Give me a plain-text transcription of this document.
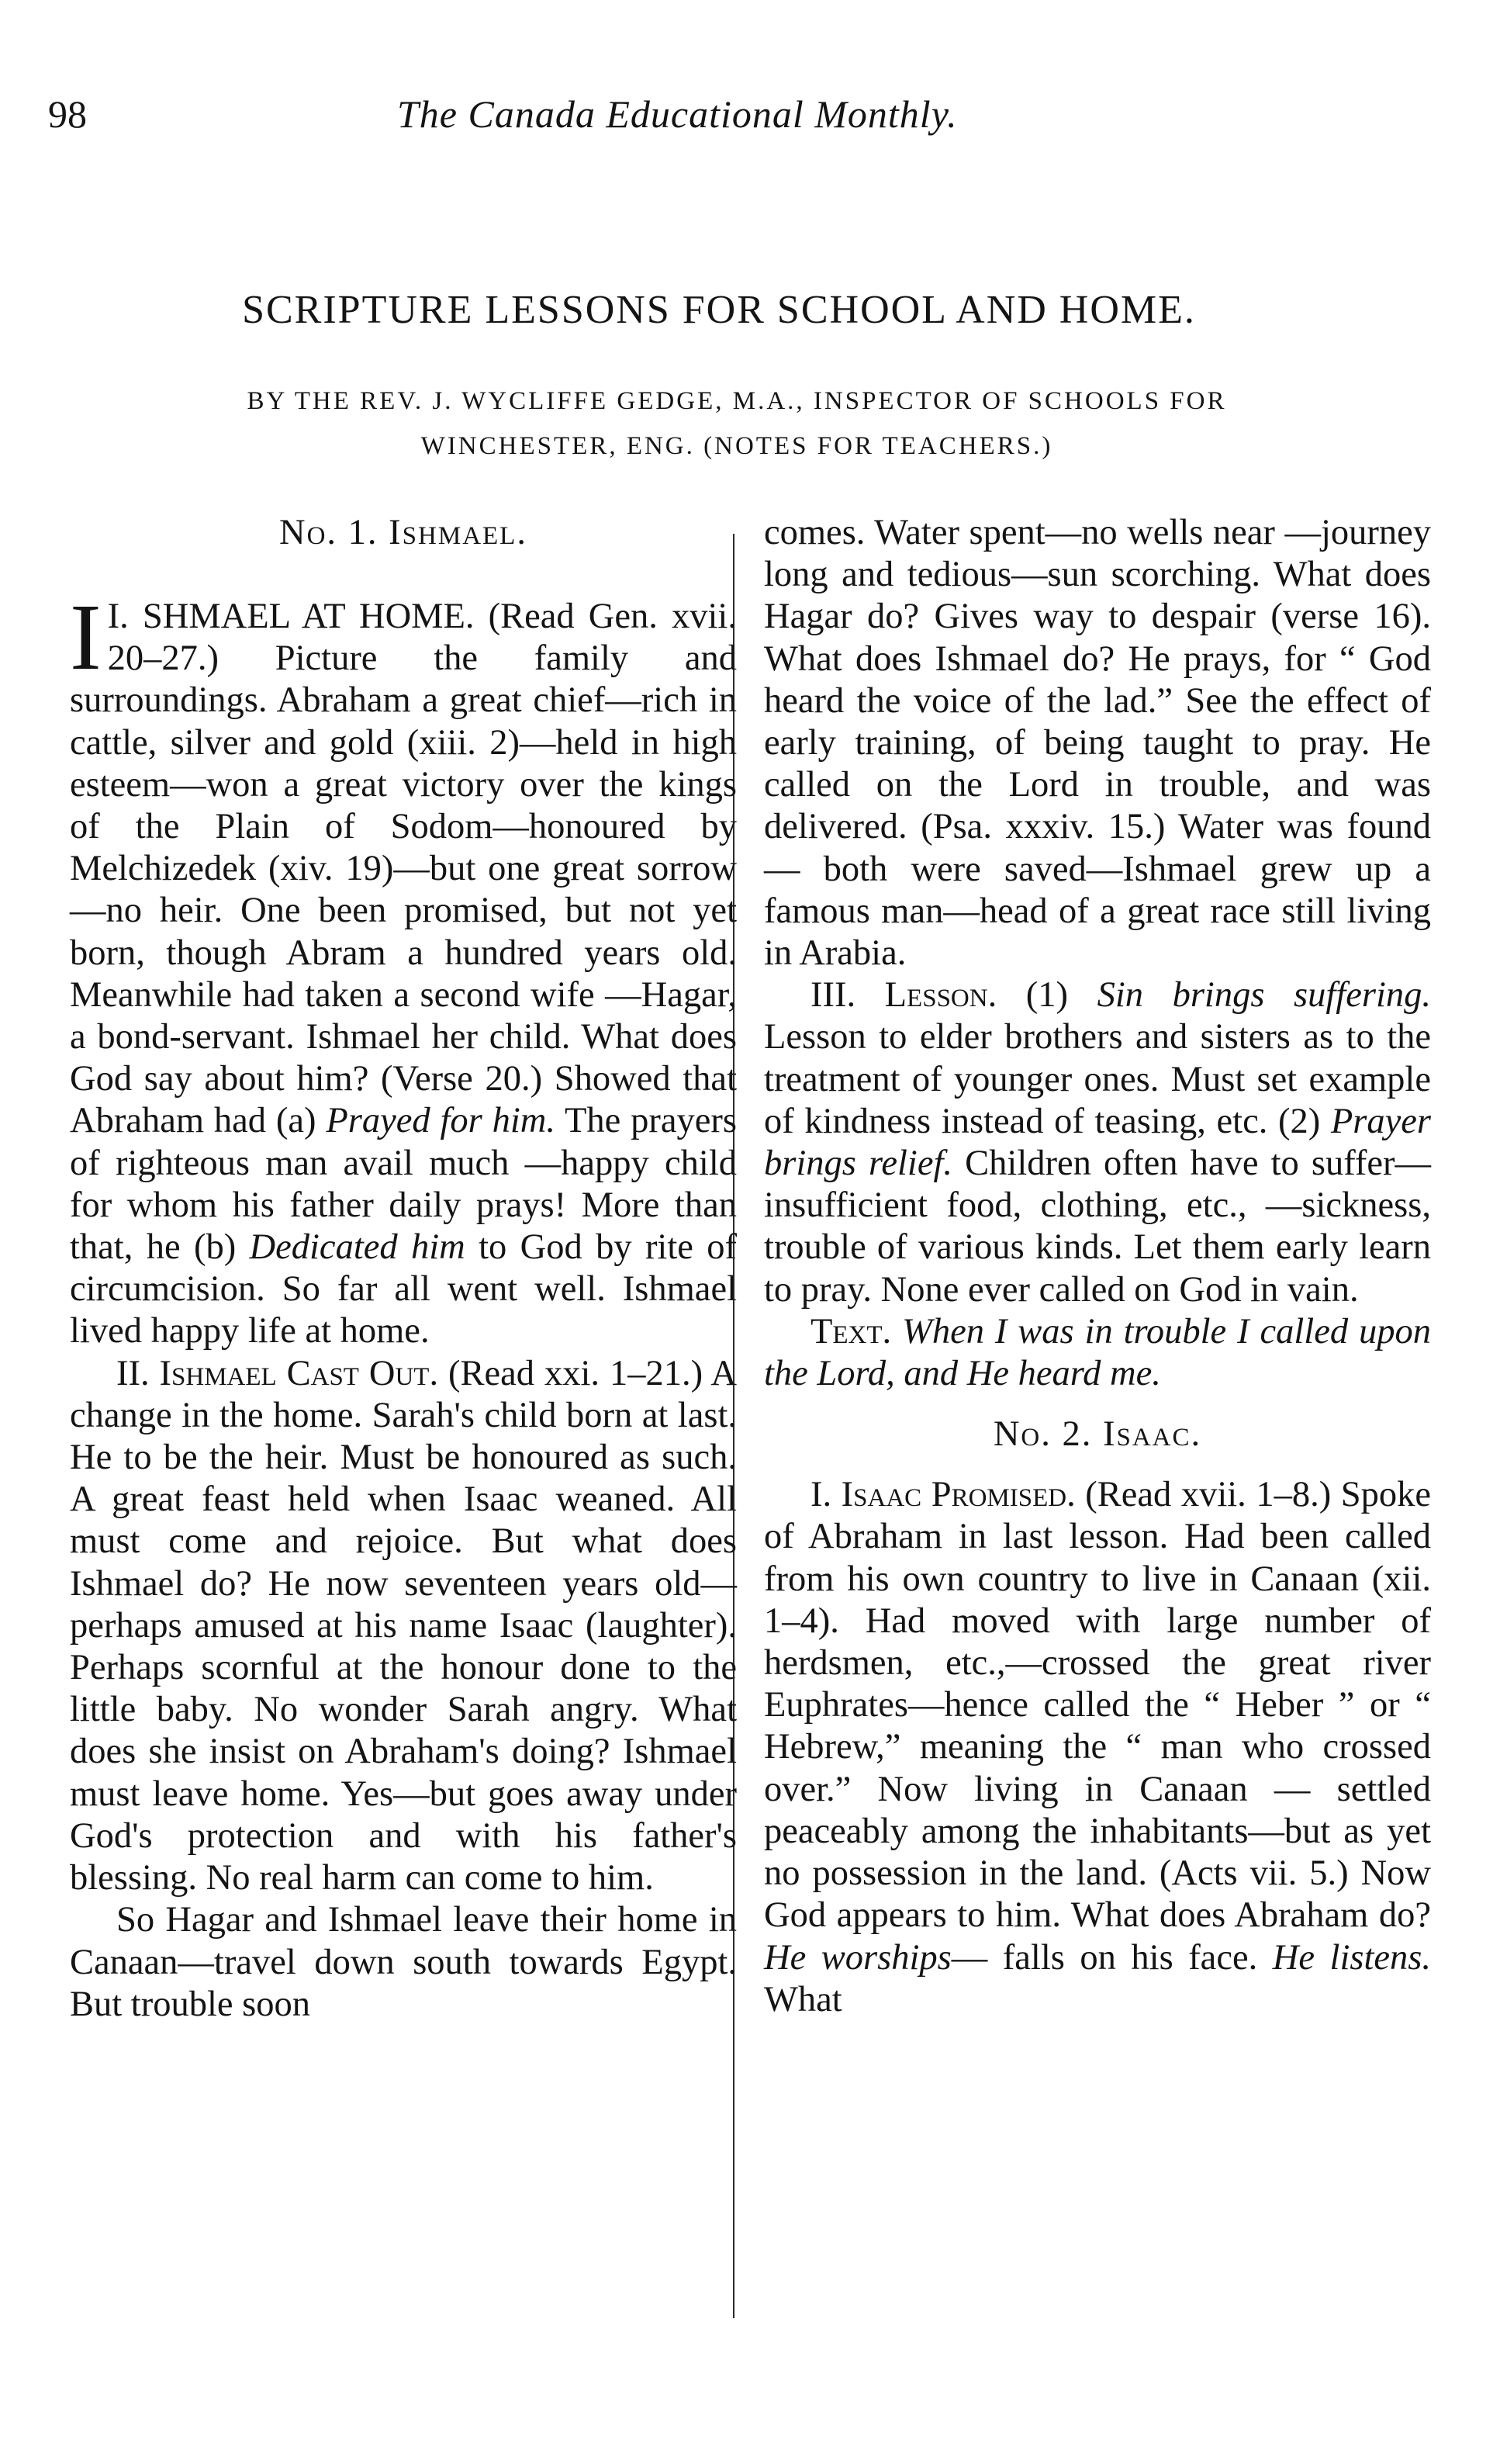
98	The Canada Educational Monthly.
SCRIPTURE LESSONS FOR SCHOOL AND HOME.
BY THE REV. J. WYCLIFFE GEDGE, M.A., INSPECTOR OF SCHOOLS FOR
WINCHESTER, ENG. (NOTES FOR TEACHERS.)

No. 1. Ishmael.

I.
I SHMAEL AT HOME. (Read Gen. xvii. 20–27.) Picture the family and surroundings. Abraham a great chief—rich in cattle, silver and gold (xiii. 2)—held in high esteem—won a great victory over the kings of the Plain of Sodom—honoured by Melchizedek (xiv. 19)—but one great sorrow—no heir. One been promised, but not yet born, though Abram a hundred years old. Meanwhile had taken a second wife —Hagar, a bond-servant. Ishmael her child. What does God say about him? (Verse 20.) Showed that Abraham had (a) Prayed for him. The prayers of righteous man avail much —happy child for whom his father daily prays! More than that, he (b) Dedicated him to God by rite of circumcision. So far all went well. Ishmael lived happy life at home.

II. Ishmael Cast Out. (Read xxi. 1–21.) A change in the home. Sarah's child born at last. He to be the heir. Must be honoured as such. A great feast held when Isaac weaned. All must come and rejoice. But what does Ishmael do? He now seventeen years old—perhaps amused at his name Isaac (laughter). Perhaps scornful at the honour done to the little baby. No wonder Sarah angry. What does she insist on Abraham's doing? Ishmael must leave home. Yes—but goes away under God's protection and with his father's blessing. No real harm can come to him.

So Hagar and Ishmael leave their home in Canaan—travel down south towards Egypt. But trouble soon

comes. Water spent—no wells near —journey long and tedious—sun scorching. What does Hagar do? Gives way to despair (verse 16). What does Ishmael do? He prays, for “ God heard the voice of the lad.” See the effect of early training, of being taught to pray. He called on the Lord in trouble, and was delivered. (Psa. xxxiv. 15.) Water was found— both were saved—Ishmael grew up a famous man—head of a great race still living in Arabia.

III. Lesson. (1) Sin brings suffering. Lesson to elder brothers and sisters as to the treatment of younger ones. Must set example of kindness instead of teasing, etc. (2) Prayer brings relief. Children often have to suffer—insufficient food, clothing, etc., —sickness, trouble of various kinds. Let them early learn to pray. None ever called on God in vain.

Text. When I was in trouble I called upon the Lord, and He heard me.

No. 2. Isaac.

I. Isaac Promised. (Read xvii. 1–8.) Spoke of Abraham in last lesson. Had been called from his own country to live in Canaan (xii. 1–4). Had moved with large number of herdsmen, etc.,—crossed the great river Euphrates—hence called the “ Heber ” or “ Hebrew,” meaning the “ man who crossed over.” Now living in Canaan — settled peaceably among the inhabitants—but as yet no possession in the land. (Acts vii. 5.) Now God appears to him. What does Abraham do? He worships— falls on his face. He listens. What
